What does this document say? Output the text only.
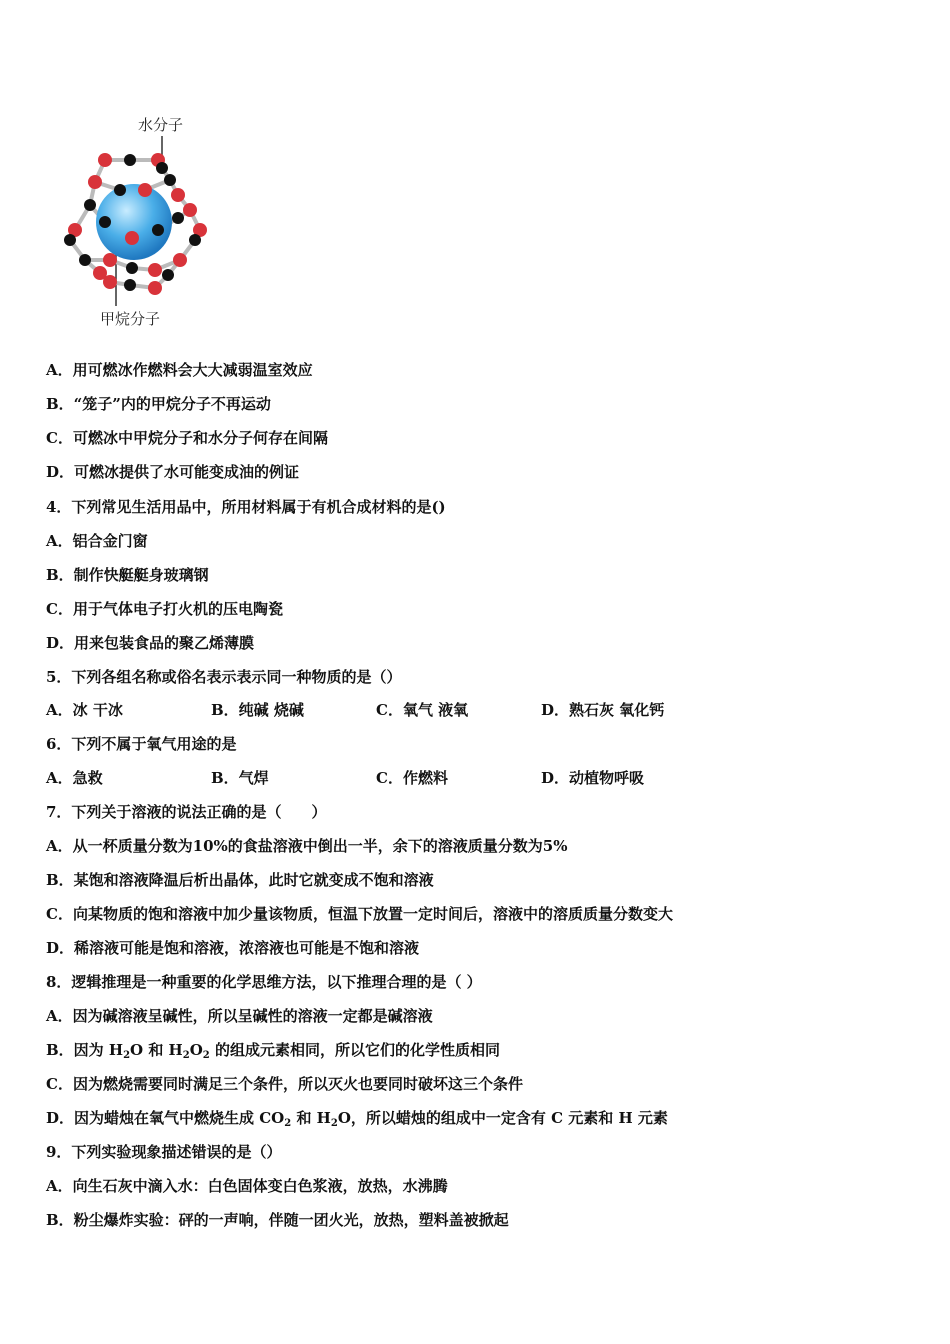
水分子
甲烷分子
A．用可燃冰作燃料会大大减弱温室效应
B．“笼子”内的甲烷分子不再运动
C．可燃冰中甲烷分子和水分子何存在间隔
D．可燃冰提供了水可能变成油的例证
4．下列常见生活用品中，所用材料属于有机合成材料的是()
A．铝合金门窗
B．制作快艇艇身玻璃钢
C．用于气体电子打火机的压电陶瓷
D．用来包装食品的聚乙烯薄膜
5．下列各组名称或俗名表示表示同一种物质的是（）
A．冰 干冰	B．纯碱 烧碱	C．氧气 液氧	D．熟石灰 氧化钙
6．下列不属于氧气用途的是
A．急救	B．气焊	C．作燃料	D．动植物呼吸
7．下列关于溶液的说法正确的是（　　）
A．从一杯质量分数为10%的食盐溶液中倒出一半，余下的溶液质量分数为5%
B．某饱和溶液降温后析出晶体，此时它就变成不饱和溶液
C．向某物质的饱和溶液中加少量该物质，恒温下放置一定时间后，溶液中的溶质质量分数变大
D．稀溶液可能是饱和溶液，浓溶液也可能是不饱和溶液
8．逻辑推理是一种重要的化学思维方法，以下推理合理的是（ ）
A．因为碱溶液呈碱性，所以呈碱性的溶液一定都是碱溶液
B．因为 $H_2O$ 和 $H_2O_2$ 的组成元素相同，所以它们的化学性质相同
C．因为燃烧需要同时满足三个条件，所以灭火也要同时破坏这三个条件
D．因为蜡烛在氧气中燃烧生成 $CO_2$ 和 $H_2O$，所以蜡烛的组成中一定含有 C 元素和 H 元素
9．下列实验现象描述错误的是（）
A．向生石灰中滴入水：白色固体变白色浆液，放热，水沸腾
B．粉尘爆炸实验：砰的一声响，伴随一团火光，放热，塑料盖被掀起
